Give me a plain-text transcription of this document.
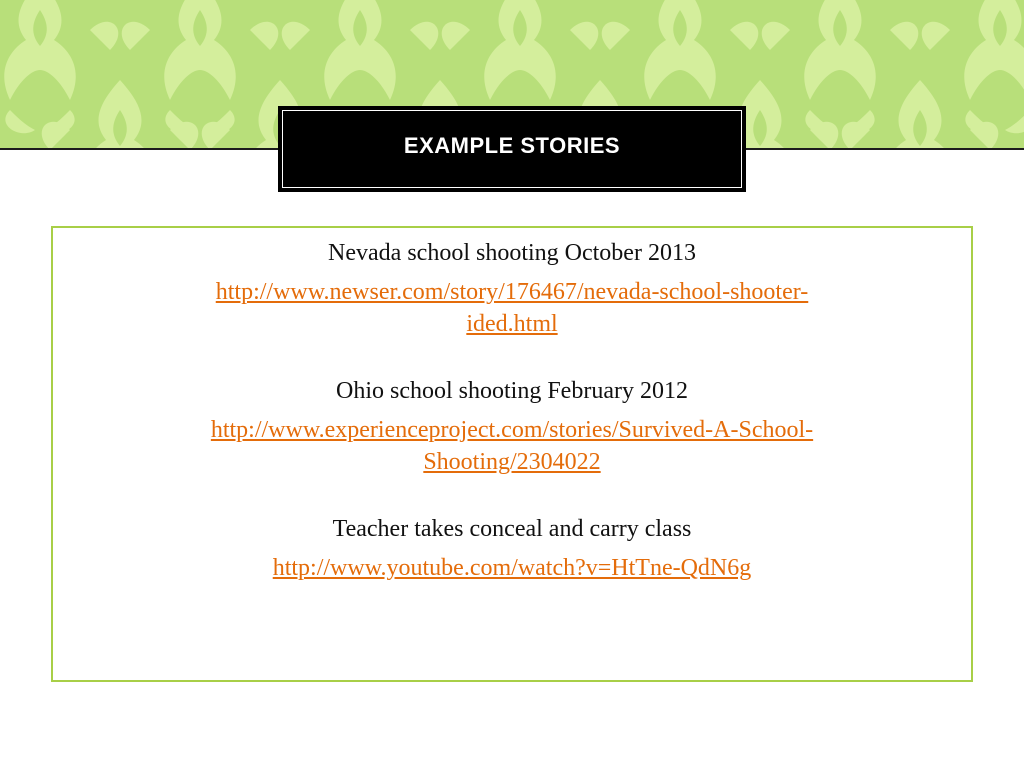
EXAMPLE STORIES

Nevada school shooting October 2013

http://www.newser.com/story/176467/nevada-school-shooter-
ided.html

Ohio school shooting February 2012

http://www.experienceproject.com/stories/Survived-A-School-
Shooting/2304022

Teacher takes conceal and carry class

http://www.youtube.com/watch?v=HtTne-QdN6g
